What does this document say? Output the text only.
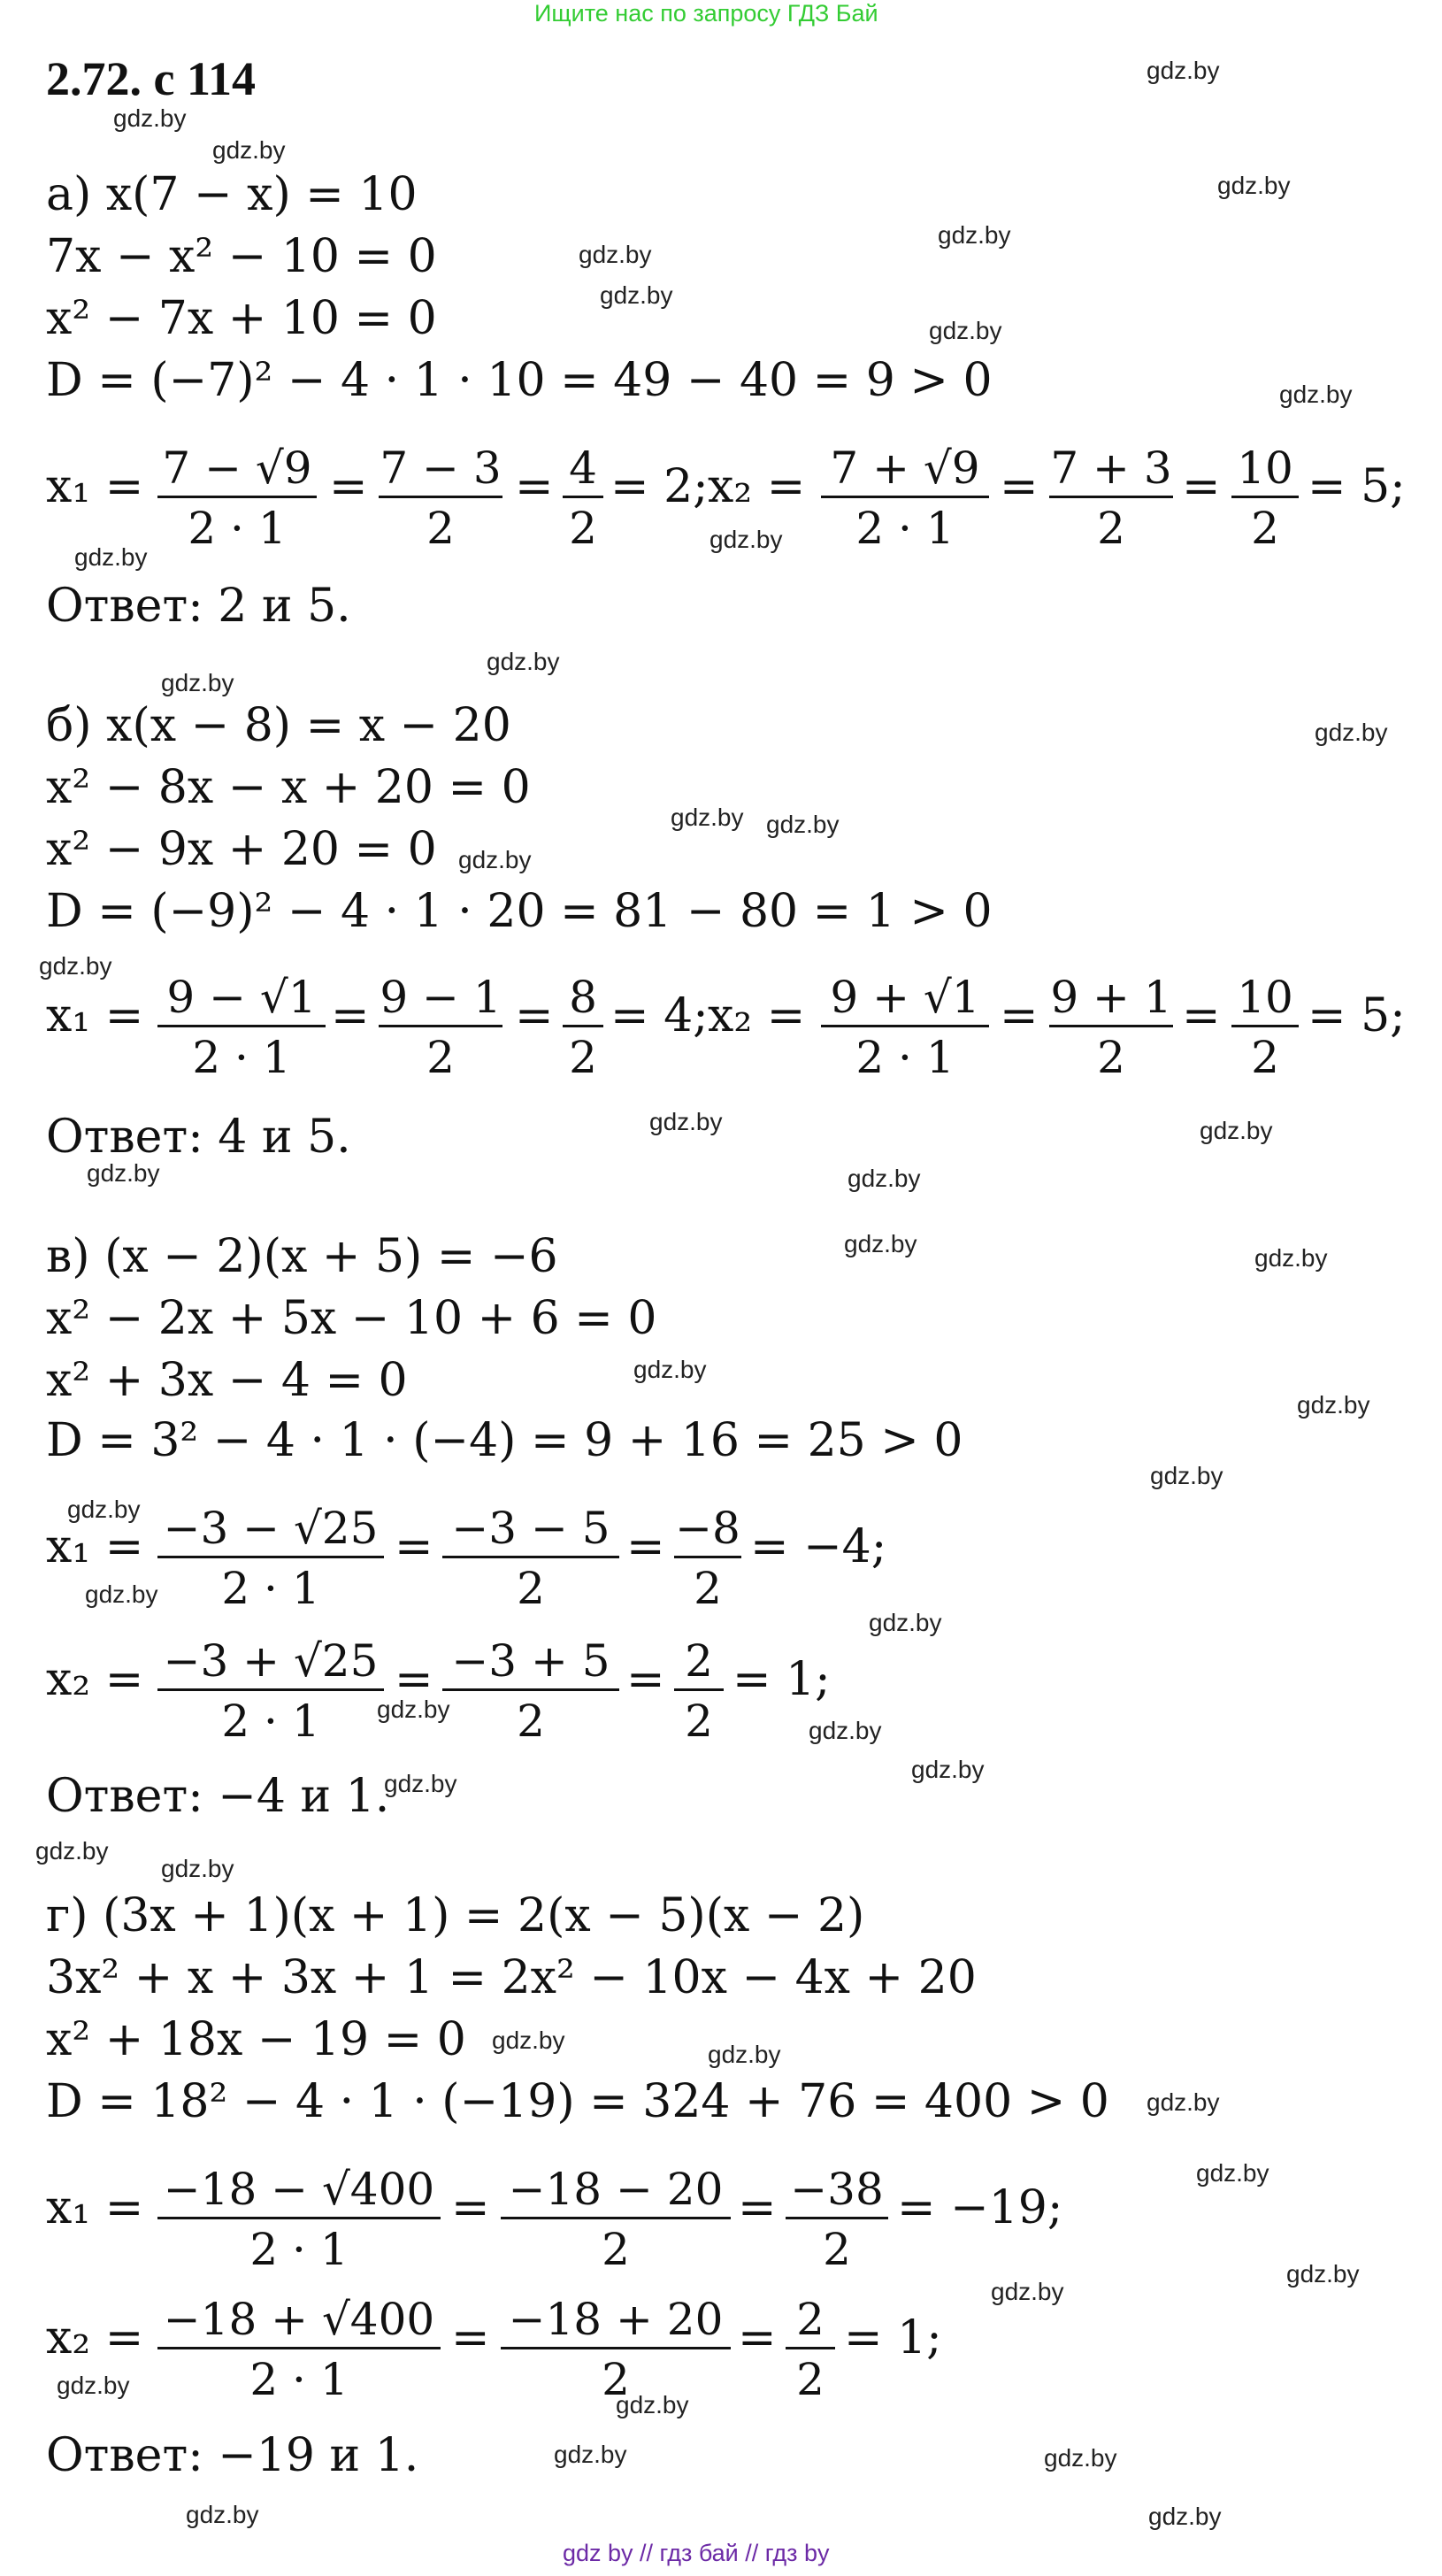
Ищите нас по запросу ГДЗ Бай
2.72. с 114
а) x(7 − x) = 10
7x − x² − 10 = 0
x² − 7x + 10 = 0
D = (−7)² − 4 · 1 · 10 = 49 − 40 = 9 > 0
x₁ = 7 − √9
2 · 1
= 7 − 3
2
= 4
2
= 2; x₂ = 7 + √9
2 · 1
= 7 + 3
2
= 10
2
= 5;
Ответ: 2 и 5.
б) x(x − 8) = x − 20
x² − 8x − x + 20 = 0
x² − 9x + 20 = 0
D = (−9)² − 4 · 1 · 20 = 81 − 80 = 1 > 0
x₁ = 9 − √1
2 · 1
= 9 − 1
2
= 8
2
= 4; x₂ = 9 + √1
2 · 1
= 9 + 1
2
= 10
2
= 5;
Ответ: 4 и 5.
в) (x − 2)(x + 5) = −6
x² − 2x + 5x − 10 + 6 = 0
x² + 3x − 4 = 0
D = 3² − 4 · 1 · (−4) = 9 + 16 = 25 > 0
x₁ = −3 − √25
2 · 1
= −3 − 5
2
= −8
2
= −4;
x₂ = −3 + √25
2 · 1
= −3 + 5
2
= 2
2
= 1;
Ответ: −4 и 1.
г) (3x + 1)(x + 1) = 2(x − 5)(x − 2)
3x² + x + 3x + 1 = 2x² − 10x − 4x + 20
x² + 18x − 19 = 0
D = 18² − 4 · 1 · (−19) = 324 + 76 = 400 > 0
x₁ = −18 − √400
2 · 1
= −18 − 20
2
= −38
2
= −19;
x₂ = −18 + √400
2 · 1
= −18 + 20
2
= 2
2
= 1;
Ответ: −19 и 1.
gdz.by
gdz.by
gdz.by
gdz.by
gdz.by
gdz.by
gdz.by
gdz.by
gdz.by
gdz.by
gdz.by
gdz.by
gdz.by
gdz.by
gdz.by gdz.by
gdz.by
gdz.by
gdz.by	gdz.by
gdz.by	gdz.by
gdz.by
gdz.by
gdz.by
gdz.by
gdz.by
gdz.by
gdz.by
gdz.by
gdz.by
gdz.by
gdz.by
gdz.by
gdz.by
gdz.by
gdz.by
gdz.by
gdz.by
gdz.by
gdz.by
gdz.by
gdz.by
gdz.by
gdz.by	gdz.by
gdz.by	gdz.by
gdz by // гдз бай // гдз by
